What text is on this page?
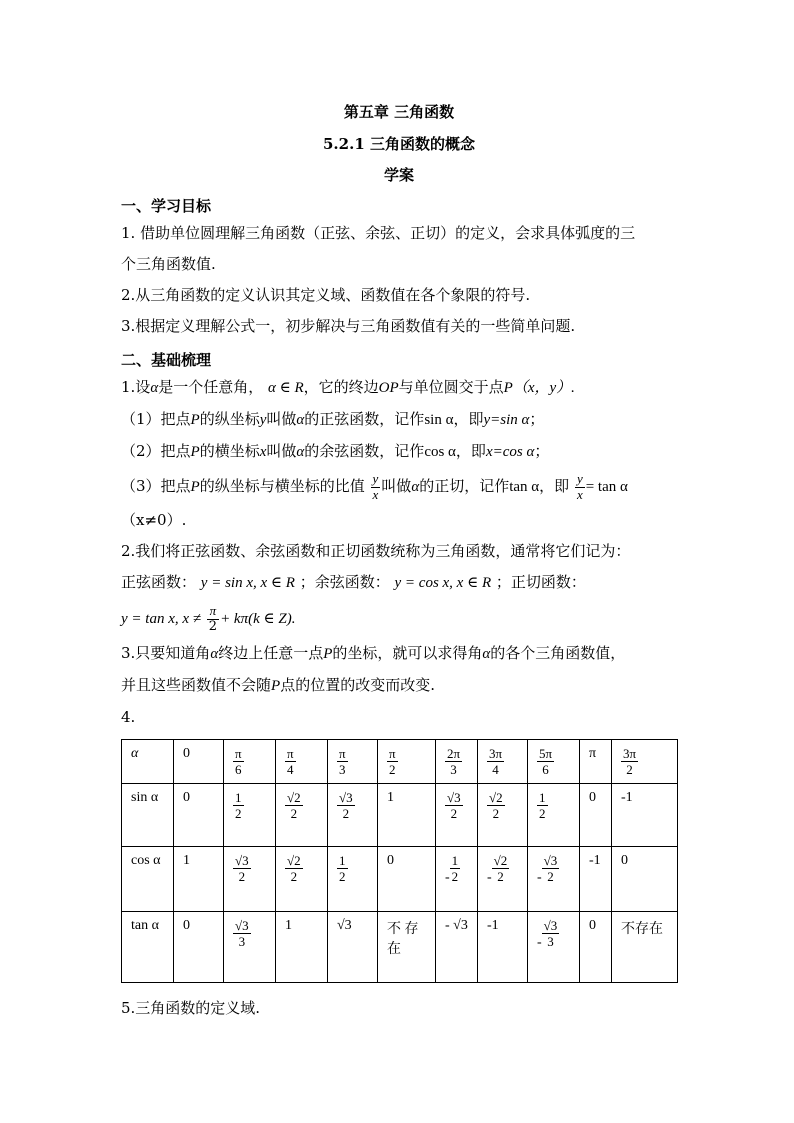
第五章 三角函数
5.2.1 三角函数的概念
学案
一、学习目标

1. 借助单位圆理解三角函数（正弦、余弦、正切）的定义，会求具体弧度的三

个三角函数值.

2.从三角函数的定义认识其定义域、函数值在各个象限的符号.

3.根据定义理解公式一，初步解决与三角函数值有关的一些简单问题.

二、基础梳理

1.设α是一个任意角， α ∈ R，它的终边OP与单位圆交于点P（x，y）.

（1）把点P的纵坐标y叫做α的正弦函数，记作sin α，即y=sin α；

（2）把点P的横坐标x叫做α的余弦函数，记作cos α，即x=cos α；

（3）把点P的纵坐标与横坐标的比值 $\frac{y}{x}$ 叫做α的正切，记作tan α，即 $\frac{y}{x} = \tan \alpha$

（x≠0）.

2.我们将正弦函数、余弦函数和正切函数统称为三角函数，通常将它们记为：

正弦函数： y = sin x, x ∈ R ；余弦函数： y = cos x, x ∈ R ；正切函数：

y = tan x, $x \ne \frac{\pi}{2} + k\pi(k$ ∈ Z).

3.只要知道角α终边上任意一点P的坐标，就可以求得角α的各个三角函数值，

并且这些函数值不会随P点的位置的改变而改变.

4.

α	0	$\frac{\pi}{6}$	$\frac{\pi}{4}$	$\frac{\pi}{3}$	$\frac{\pi}{2}$	$\frac{2\pi}{3}$	$\frac{3\pi}{4}$	$\frac{5\pi}{6}$	π	$\frac{3\pi}{2}$

sin α	0	$\frac{1}{2}$	$\frac{√2}{2}$	$\frac{√3}{2}$	1	$\frac{√3}{2}$	$\frac{√2}{2}$	$\frac{1}{2}$	0	-1
cos α	1	$\frac{√3}{2}$	$\frac{√2}{2}$	$\frac{1}{2}$	0	- $\frac{1}{2}$	- $\frac{√2}{2}$	- $\frac{√3}{2}$	-1	0
tan α	0	$\frac{√3}{3}$	1	√3	不 存 在	- √3	-1	- $\frac{√3}{3}$	0	不存在

5.三角函数的定义域.
